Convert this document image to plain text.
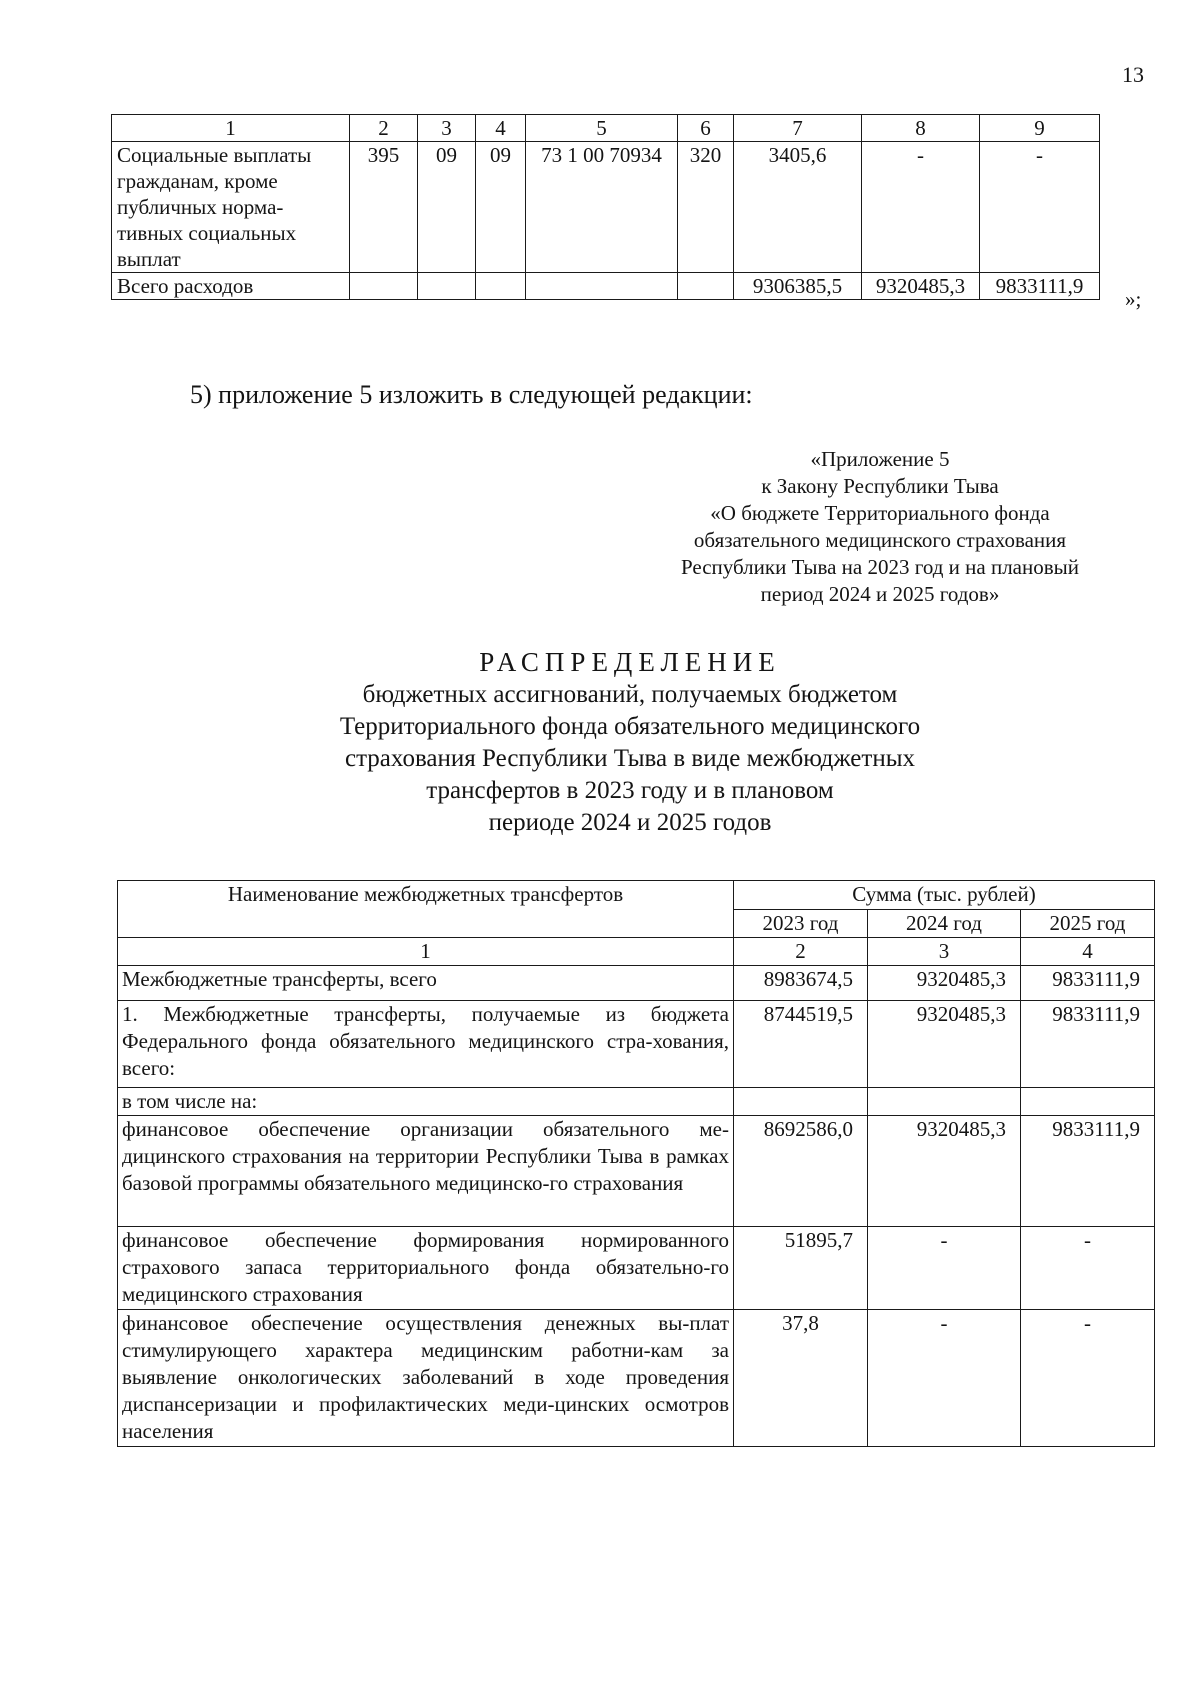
13
1	2	3	4	5	6	7	8	9
Социальные выплаты гражданам, кроме публичных норма-тивных социальных выплат	395	09	09	73 1 00 70934	320	3405,6	-	-
Всего расходов						9306385,5	9320485,3	9833111,9
»;
5) приложение 5 изложить в следующей редакции:
«Приложение 5
к Закону Республики Тыва
«О бюджете Территориального фонда
обязательного медицинского страхования
Республики Тыва на 2023 год и на плановый
период 2024 и 2025 годов»
РАСПРЕДЕЛЕНИЕ
бюджетных ассигнований, получаемых бюджетом
Территориального фонда обязательного медицинского
страхования Республики Тыва в виде межбюджетных
трансфертов в 2023 году и в плановом
периоде 2024 и 2025 годов
Наименование межбюджетных трансфертов	Сумма (тыс. рублей)		
	2023 год	2024 год	2025 год
1	2	3	4
Межбюджетные трансферты, всего	8983674,5	9320485,3	9833111,9
1. Межбюджетные трансферты, получаемые из бюджета Федерального фонда обязательного медицинского стра-хования, всего:	8744519,5	9320485,3	9833111,9
в том числе на:			
финансовое обеспечение организации обязательного ме-дицинского страхования на территории Республики Тыва в рамках базовой программы обязательного медицинско-го страхования	8692586,0	9320485,3	9833111,9
финансовое обеспечение формирования нормированного страхового запаса территориального фонда обязательно-го медицинского страхования	51895,7	-	-
финансовое обеспечение осуществления денежных вы-плат стимулирующего характера медицинским работни-кам за выявление онкологических заболеваний в ходе проведения диспансеризации и профилактических меди-цинских осмотров населения	37,8	-	-
